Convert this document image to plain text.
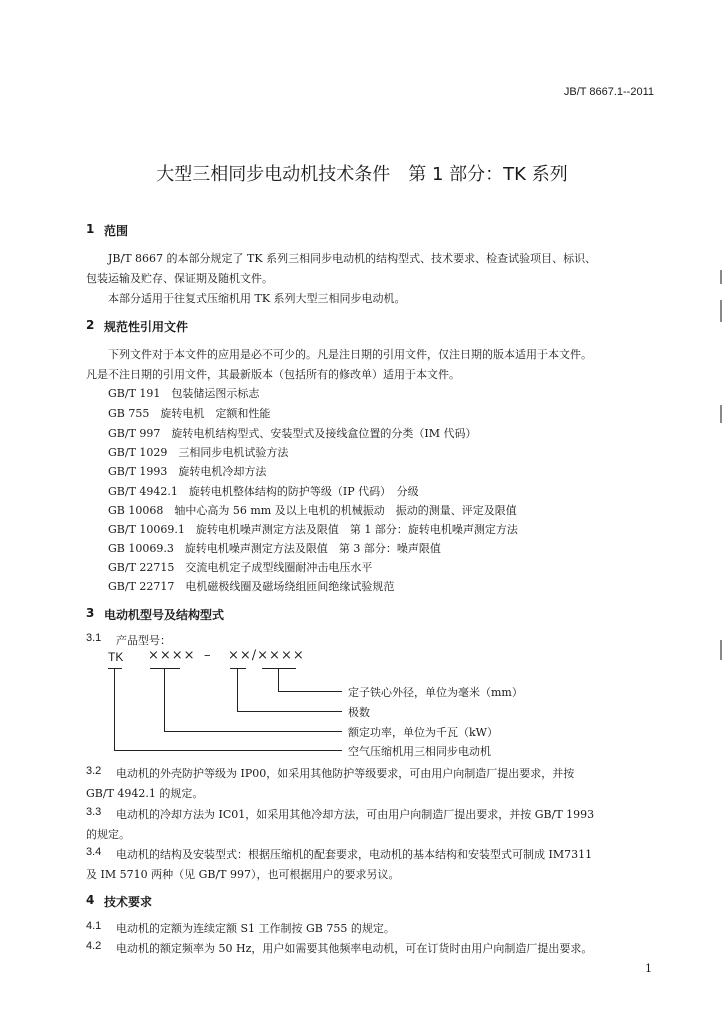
JB/T 8667.1--2011
大型三相同步电动机技术条件　第 1 部分：TK 系列
1 范围
JB/T 8667 的本部分规定了 TK 系列三相同步电动机的结构型式、技术要求、检查试验项目、标识、
包装运输及贮存、保证期及随机文件。
本部分适用于往复式压缩机用 TK 系列大型三相同步电动机。
2 规范性引用文件
下列文件对于本文件的应用是必不可少的。凡是注日期的引用文件，仅注日期的版本适用于本文件。
凡是不注日期的引用文件，其最新版本（包括所有的修改单）适用于本文件。
GB/T 191　包装储运图示标志
GB 755　旋转电机　定额和性能
GB/T 997　旋转电机结构型式、安装型式及接线盒位置的分类（IM 代码）
GB/T 1029　三相同步电机试验方法
GB/T 1993　旋转电机冷却方法
GB/T 4942.1　旋转电机整体结构的防护等级（IP 代码）　分级
GB 10068　轴中心高为 56 mm 及以上电机的机械振动　振动的测量、评定及限值
GB/T 10069.1　旋转电机噪声测定方法及限值　第 1 部分：旋转电机噪声测定方法
GB 10069.3　旋转电机噪声测定方法及限值　第 3 部分：噪声限值
GB/T 22715　交流电机定子成型线圈耐冲击电压水平
GB/T 22717　电机磁极线圈及磁场绕组匝间绝缘试验规范
3 电动机型号及结构型式
3.1 产品型号：
TK ×××× – ××/××××
定子铁心外径，单位为毫米（mm）
极数
额定功率，单位为千瓦（kW）
空气压缩机用三相同步电动机
3.2 电动机的外壳防护等级为 IP00，如采用其他防护等级要求，可由用户向制造厂提出要求，并按
GB/T 4942.1 的规定。
3.3 电动机的冷却方法为 IC01，如采用其他冷却方法，可由用户向制造厂提出要求，并按 GB/T 1993
的规定。
3.4 电动机的结构及安装型式：根据压缩机的配套要求，电动机的基本结构和安装型式可制成 IM7311
及 IM 5710 两种（见 GB/T 997），也可根据用户的要求另议。
4 技术要求
4.1 电动机的定额为连续定额 S1 工作制按 GB 755 的规定。
4.2 电动机的额定频率为 50 Hz，用户如需要其他频率电动机，可在订货时由用户向制造厂提出要求。
1
